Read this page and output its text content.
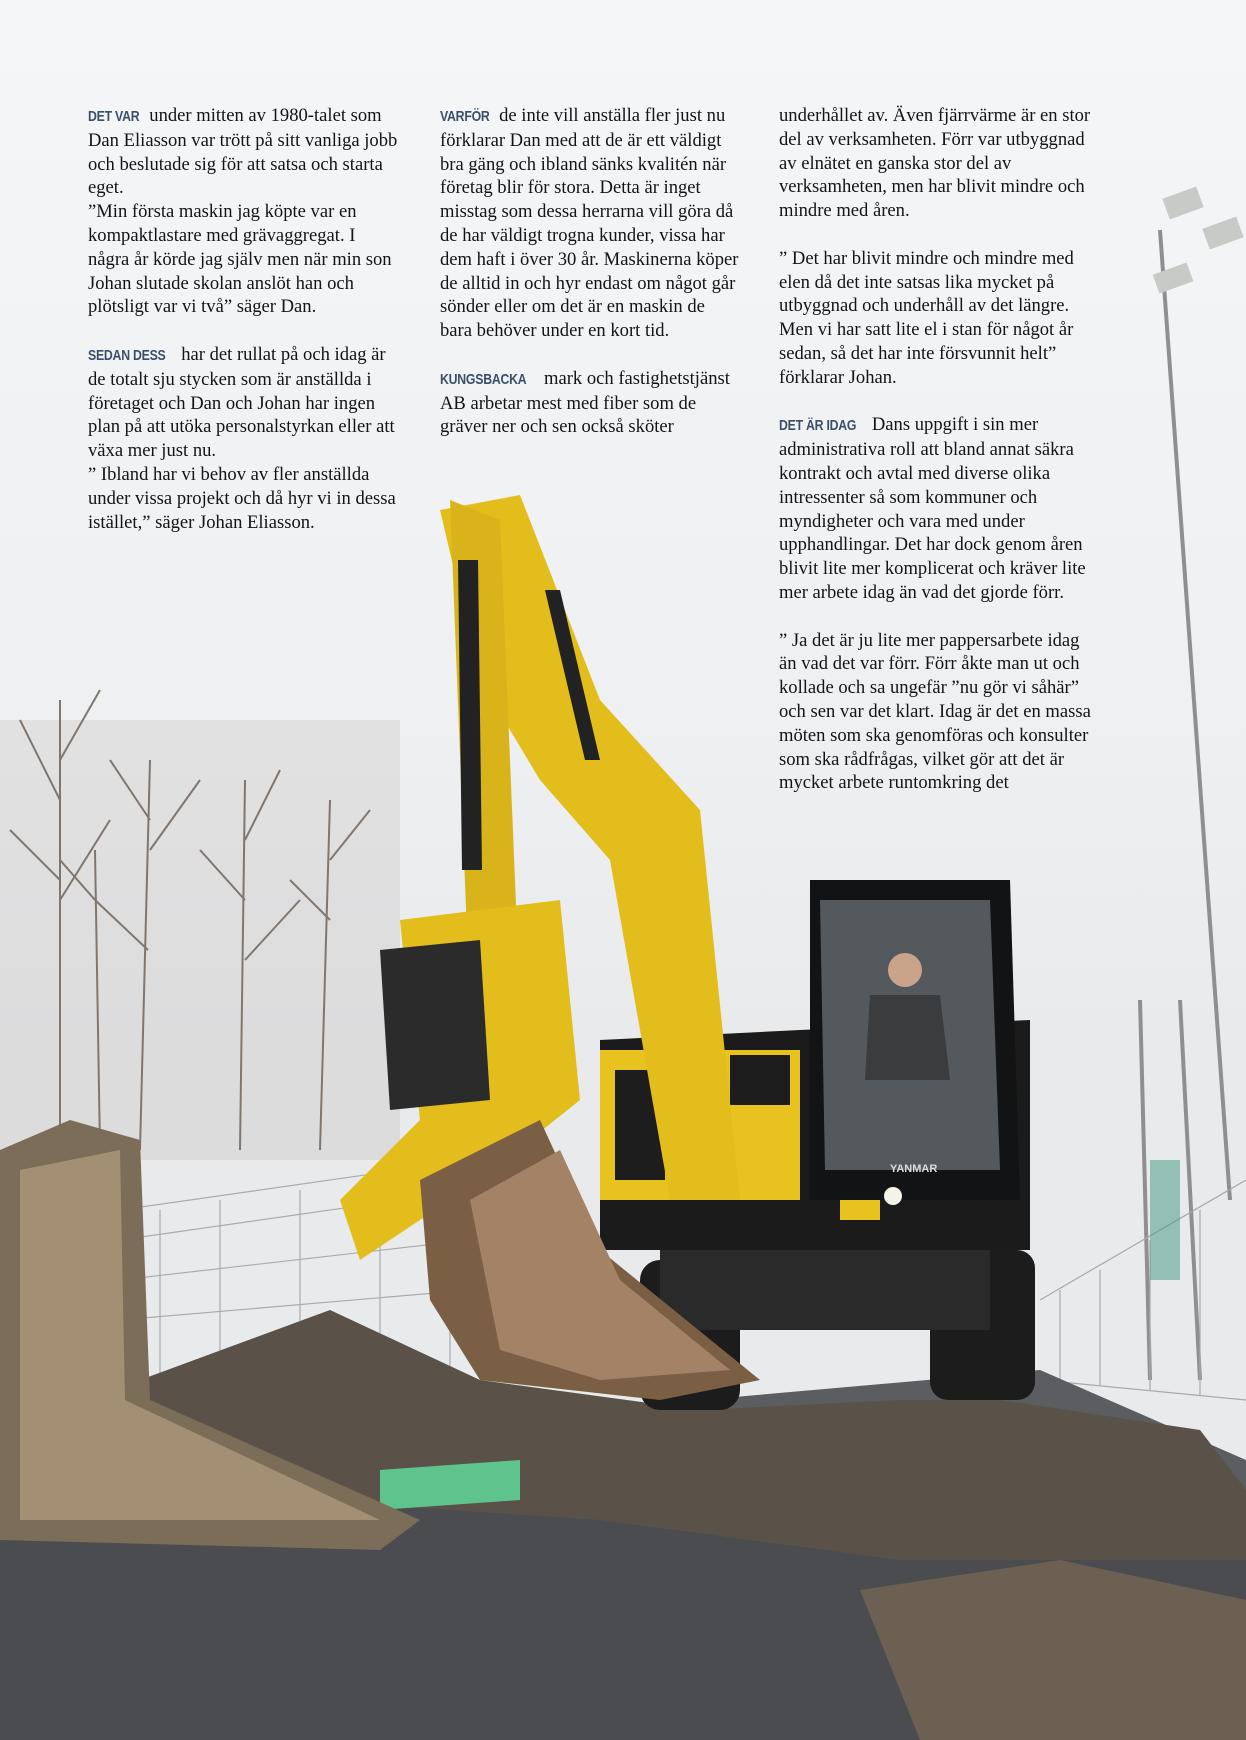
YANMAR

DET VAR under mitten av 1980-talet som Dan Eliasson var trött på sitt vanliga jobb och beslutade sig för att satsa och starta eget.
”Min första maskin jag köpte var en kompaktlastare med grävaggregat. I några år körde jag själv men när min son Johan slutade skolan anslöt han och plötsligt var vi två” säger Dan.

SEDAN DESS har det rullat på och idag är de totalt sju stycken som är anställda i företaget och Dan och Johan har ingen plan på att utöka personalstyrkan eller att växa mer just nu.
” Ibland har vi behov av fler anställda under vissa projekt och då hyr vi in dessa istället,” säger Johan Eliasson.

VARFÖR de inte vill anställa fler just nu förklarar Dan med att de är ett väldigt bra gäng och ibland sänks kvalitén när företag blir för stora. Detta är inget misstag som dessa herrarna vill göra då de har väldigt trogna kunder, vissa har dem haft i över 30 år. Maskinerna köper de alltid in och hyr endast om något går sönder eller om det är en maskin de bara behöver under en kort tid.

KUNGSBACKA mark och fastighetstjänst AB arbetar mest med fiber som de gräver ner och sen också sköter

underhållet av. Även fjärrvärme är en stor del av verksamheten. Förr var utbyggnad av elnätet en ganska stor del av verksamheten, men har blivit mindre och mindre med åren.

” Det har blivit mindre och mindre med elen då det inte satsas lika mycket på utbyggnad och underhåll av det längre. Men vi har satt lite el i stan för något år sedan, så det har inte försvunnit helt” förklarar Johan.

DET ÄR IDAG Dans uppgift i sin mer administrativa roll att bland annat säkra kontrakt och avtal med diverse olika intressenter så som kommuner och myndigheter och vara med under upphandlingar. Det har dock genom åren blivit lite mer komplicerat och kräver lite mer arbete idag än vad det gjorde förr.

” Ja det är ju lite mer pappersarbete idag än vad det var förr. Förr åkte man ut och kollade och sa ungefär ”nu gör vi såhär” och sen var det klart. Idag är det en massa möten som ska genomföras och konsulter som ska rådfrågas, vilket gör att det är mycket arbete runtomkring det
